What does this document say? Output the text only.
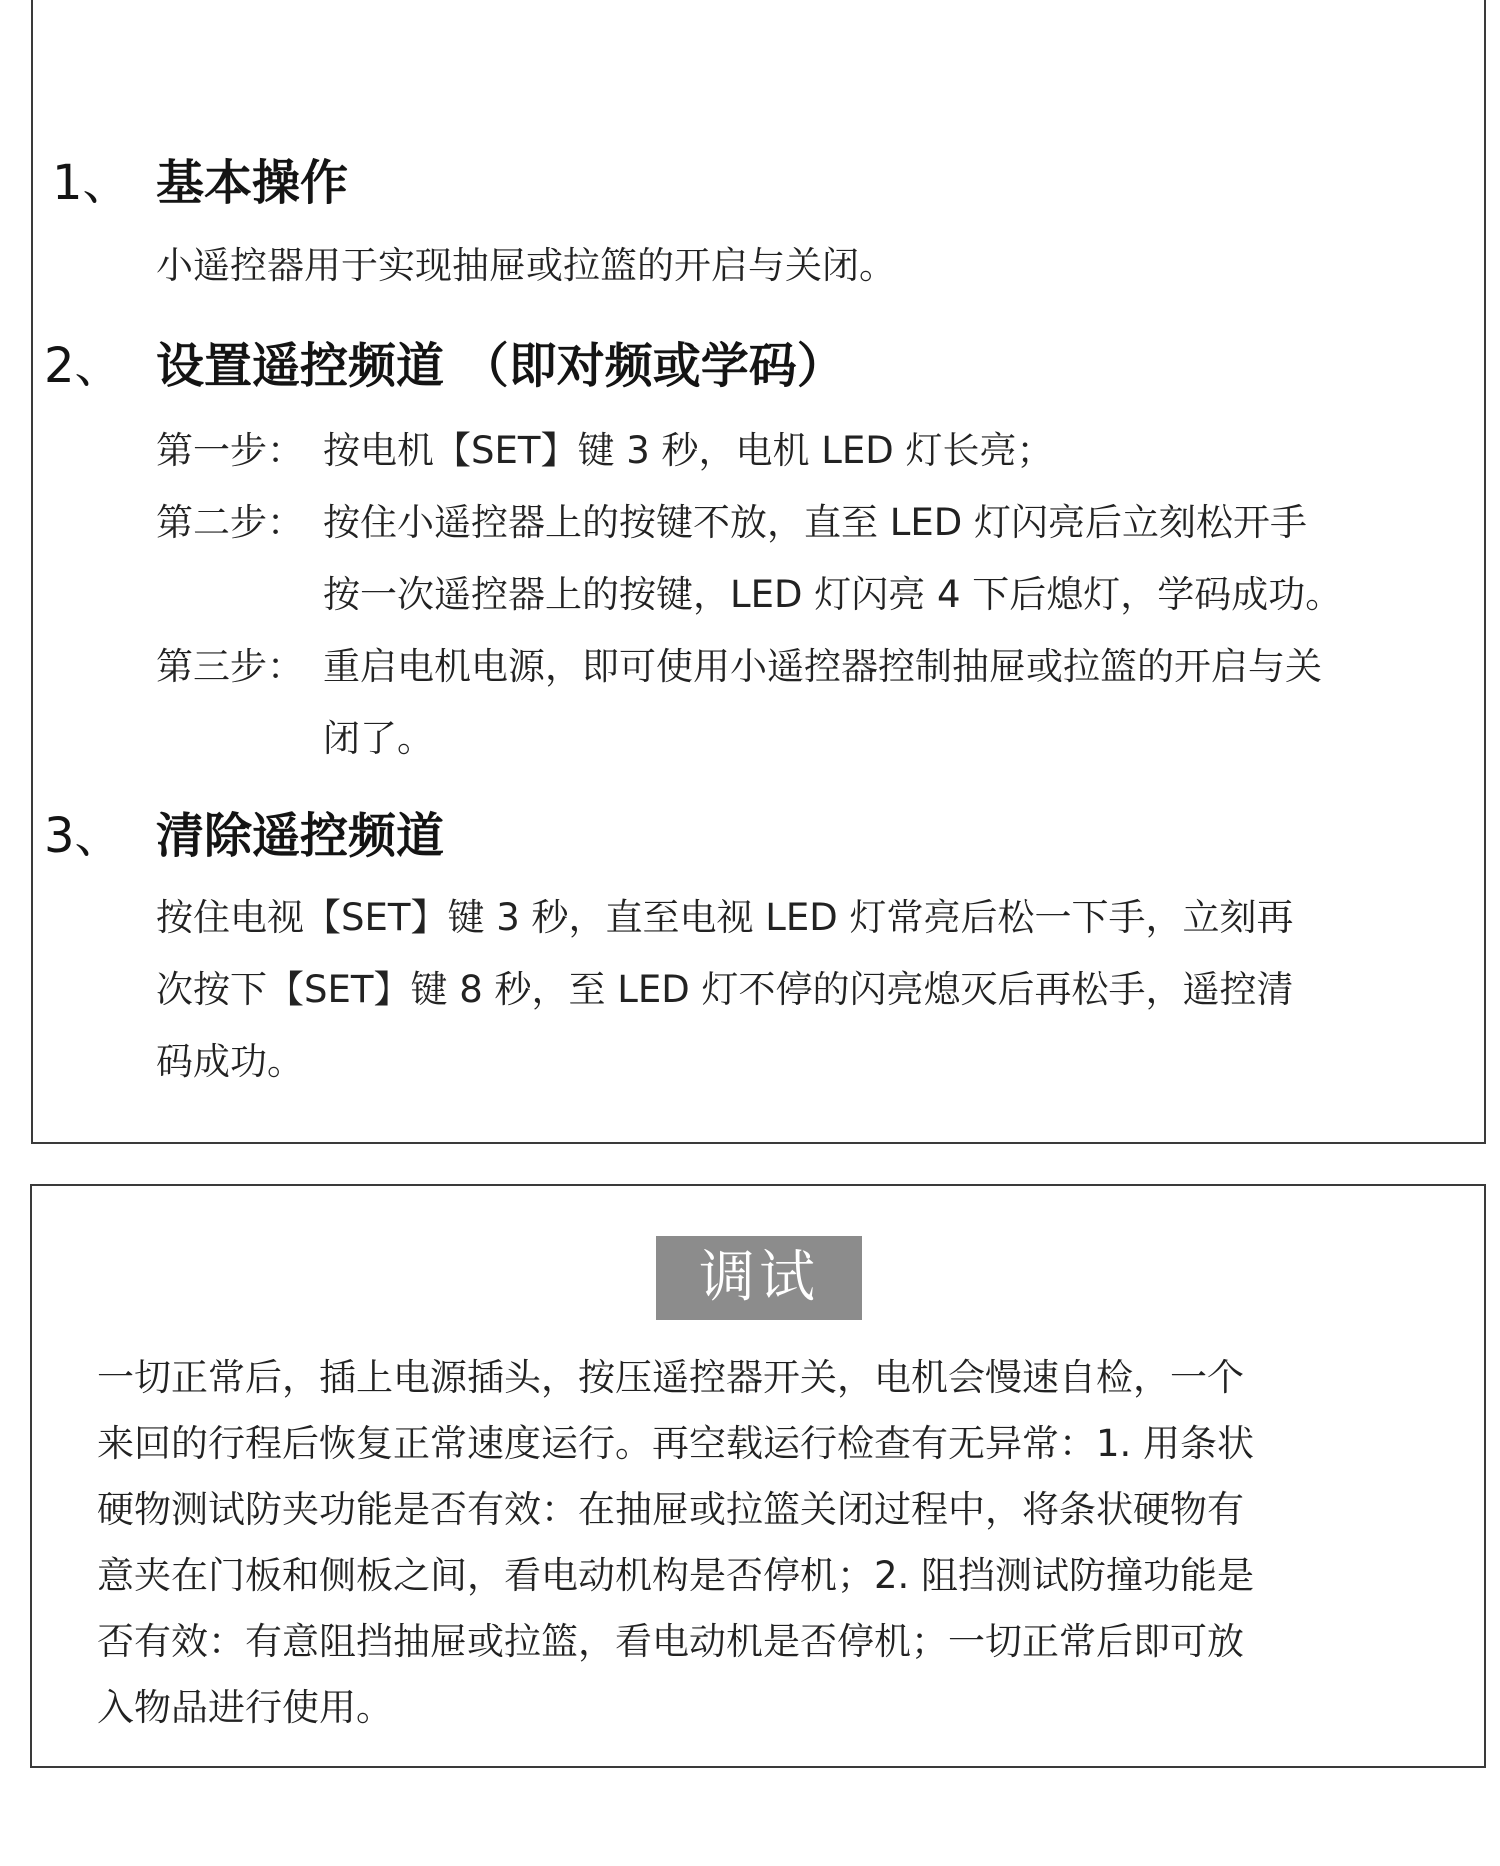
1、 基本操作
小遥控器用于实现抽屉或拉篮的开启与关闭。
2、 设置遥控频道 （即对频或学码）
第一步： 按电机【SET】键 3 秒，电机 LED 灯长亮；
第二步： 按住小遥控器上的按键不放，直至 LED 灯闪亮后立刻松开手
按一次遥控器上的按键，LED 灯闪亮 4 下后熄灯，学码成功。
第三步： 重启电机电源，即可使用小遥控器控制抽屉或拉篮的开启与关
闭了。
3、 清除遥控频道
按住电视【SET】键 3 秒，直至电视 LED 灯常亮后松一下手，立刻再
次按下【SET】键 8 秒，至 LED 灯不停的闪亮熄灭后再松手，遥控清
码成功。
调试
一切正常后，插上电源插头，按压遥控器开关，电机会慢速自检，一个
来回的行程后恢复正常速度运行。再空载运行检查有无异常：1. 用条状
硬物测试防夹功能是否有效：在抽屉或拉篮关闭过程中，将条状硬物有
意夹在门板和侧板之间，看电动机构是否停机；2. 阻挡测试防撞功能是
否有效：有意阻挡抽屉或拉篮，看电动机是否停机；一切正常后即可放
入物品进行使用。
